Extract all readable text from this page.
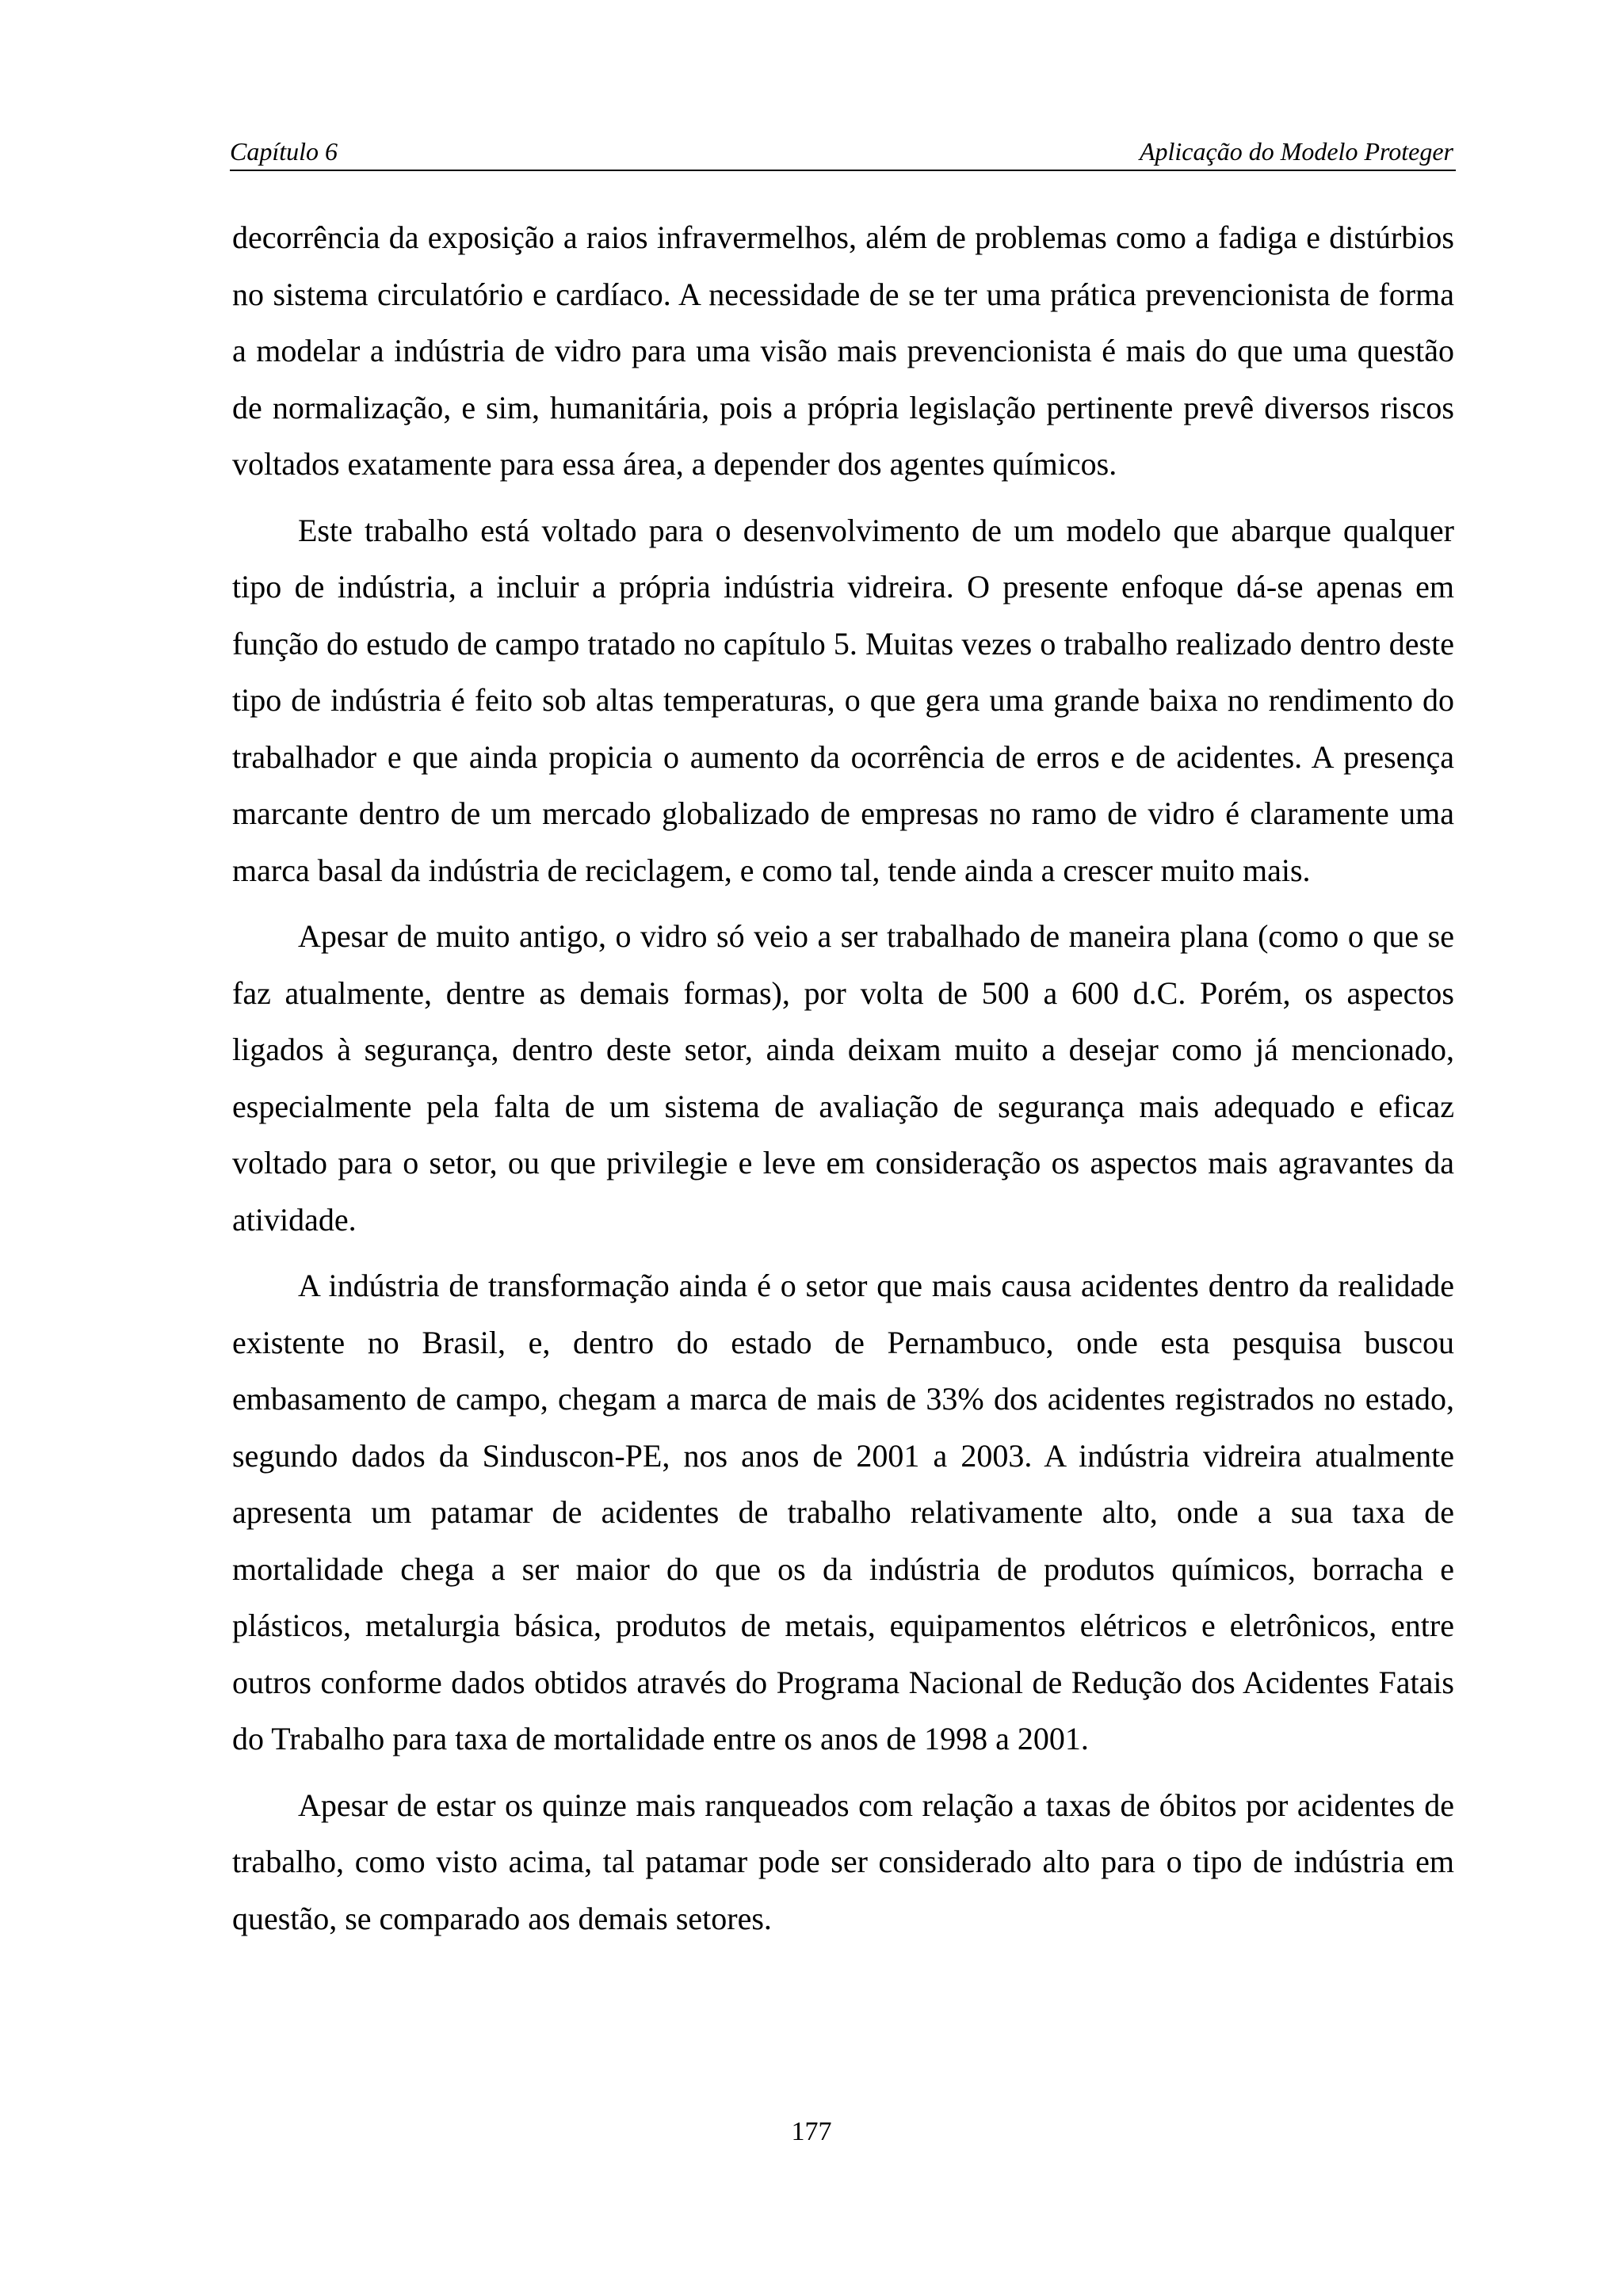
Capítulo 6	Aplicação do Modelo Proteger

decorrência da exposição a raios infravermelhos, além de problemas como a fadiga e distúrbios no sistema circulatório e cardíaco. A necessidade de se ter uma prática prevencionista de forma a modelar a indústria de vidro para uma visão mais prevencionista é mais do que uma questão de normalização, e sim, humanitária, pois a própria legislação pertinente prevê diversos riscos voltados exatamente para essa área, a depender dos agentes químicos.

Este trabalho está voltado para o desenvolvimento de um modelo que abarque qualquer tipo de indústria, a incluir a própria indústria vidreira. O presente enfoque dá-se apenas em função do estudo de campo tratado no capítulo 5. Muitas vezes o trabalho realizado dentro deste tipo de indústria é feito sob altas temperaturas, o que gera uma grande baixa no rendimento do trabalhador e que ainda propicia o aumento da ocorrência de erros e de acidentes. A presença marcante dentro de um mercado globalizado de empresas no ramo de vidro é claramente uma marca basal da indústria de reciclagem, e como tal, tende ainda a crescer muito mais.

Apesar de muito antigo, o vidro só veio a ser trabalhado de maneira plana (como o que se faz atualmente, dentre as demais formas), por volta de 500 a 600 d.C. Porém, os aspectos ligados à segurança, dentro deste setor, ainda deixam muito a desejar como já mencionado, especialmente pela falta de um sistema de avaliação de segurança mais adequado e eficaz voltado para o setor, ou que privilegie e leve em consideração os aspectos mais agravantes da atividade.

A indústria de transformação ainda é o setor que mais causa acidentes dentro da realidade existente no Brasil, e, dentro do estado de Pernambuco, onde esta pesquisa buscou embasamento de campo, chegam a marca de mais de 33% dos acidentes registrados no estado, segundo dados da Sinduscon-PE, nos anos de 2001 a 2003. A indústria vidreira atualmente apresenta um patamar de acidentes de trabalho relativamente alto, onde a sua taxa de mortalidade chega a ser maior do que os da indústria de produtos químicos, borracha e plásticos, metalurgia básica, produtos de metais, equipamentos elétricos e eletrônicos, entre outros conforme dados obtidos através do Programa Nacional de Redução dos Acidentes Fatais do Trabalho para taxa de mortalidade entre os anos de 1998 a 2001.

Apesar de estar os quinze mais ranqueados com relação a taxas de óbitos por acidentes de trabalho, como visto acima, tal patamar pode ser considerado alto para o tipo de indústria em questão, se comparado aos demais setores.

177
